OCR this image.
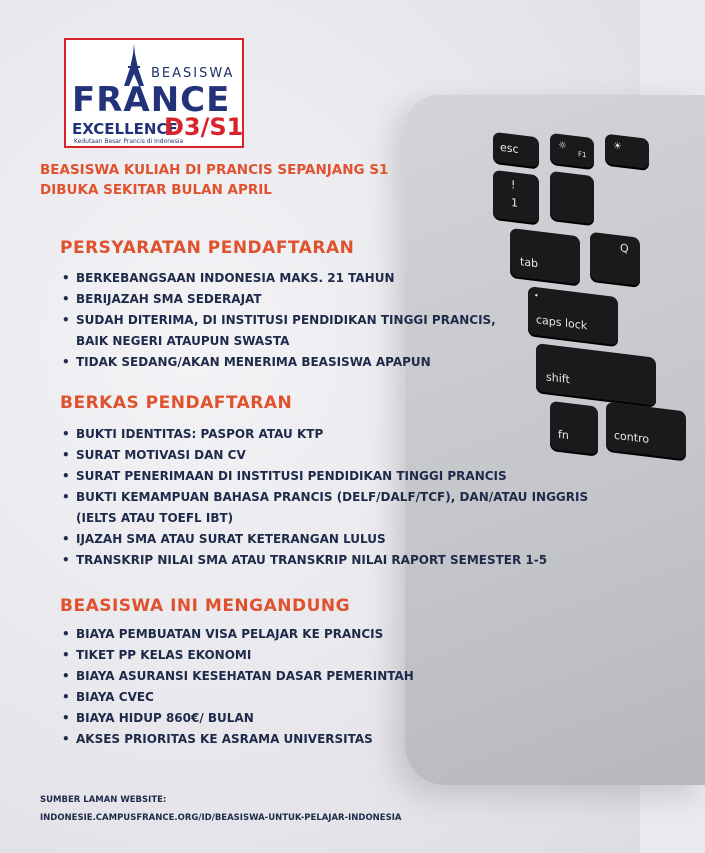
esc	☼
F1
☀
!
1
tab
Q
•
caps lock
shift
fn	contro
BEASISWA
FRANCE
EXCELLENCE
D3/S1
Kedutaan Besar Prancis di Indonesia
BEASISWA KULIAH DI PRANCIS SEPANJANG S1
DIBUKA SEKITAR BULAN APRIL
PERSYARATAN PENDAFTARAN
• BERKEBANGSAAN INDONESIA MAKS. 21 TAHUN
• BERIJAZAH SMA SEDERAJAT
• SUDAH DITERIMA, DI INSTITUSI PENDIDIKAN TINGGI PRANCIS,
BAIK NEGERI ATAUPUN SWASTA
• TIDAK SEDANG/AKAN MENERIMA BEASISWA APAPUN
BERKAS PENDAFTARAN
• BUKTI IDENTITAS: PASPOR ATAU KTP
• SURAT MOTIVASI DAN CV
• SURAT PENERIMAAN DI INSTITUSI PENDIDIKAN TINGGI PRANCIS
• BUKTI KEMAMPUAN BAHASA PRANCIS (DELF/DALF/TCF), DAN/ATAU INGGRIS
(IELTS ATAU TOEFL IBT)
• IJAZAH SMA ATAU SURAT KETERANGAN LULUS
• TRANSKRIP NILAI SMA ATAU TRANSKRIP NILAI RAPORT SEMESTER 1-5
BEASISWA INI MENGANDUNG
• BIAYA PEMBUATAN VISA PELAJAR KE PRANCIS
• TIKET PP KELAS EKONOMI
• BIAYA ASURANSI KESEHATAN DASAR PEMERINTAH
• BIAYA CVEC
• BIAYA HIDUP 860€/ BULAN
• AKSES PRIORITAS KE ASRAMA UNIVERSITAS
SUMBER LAMAN WEBSITE:
INDONESIE.CAMPUSFRANCE.ORG/ID/BEASISWA-UNTUK-PELAJAR-INDONESIA
